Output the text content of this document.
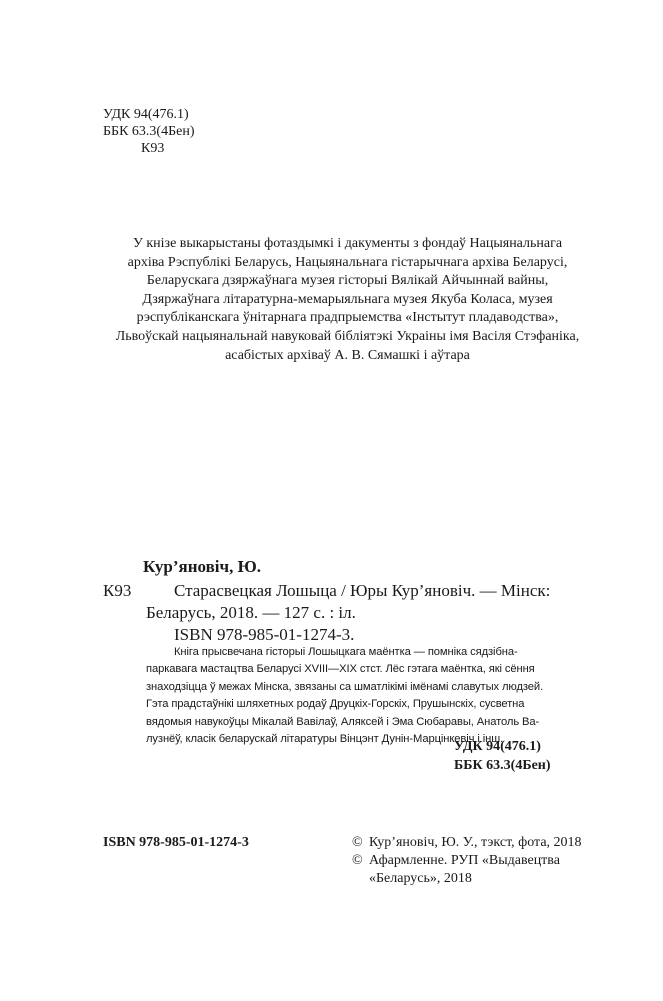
УДК 94(476.1)
ББК 63.3(4Бен)
К93
У кнізе выкарыстаны фотаздымкі і дакументы з фондаў Нацыянальнага
архіва Рэспублікі Беларусь, Нацыянальнага гістарычнага архіва Беларусі,
Беларускага дзяржаўнага музея гісторыі Вялікай Айчыннай вайны,
Дзяржаўнага літаратурна-мемарыяльнага музея Якуба Коласа, музея
рэспубліканскага ўнітарнага прадпрыемства «Інстытут пладаводства»,
Львоўскай нацыянальнай навуковай бібліятэкі Украіны імя Васіля Стэфаніка,
асабістых архіваў А. В. Сямашкі і аўтара
Кур’яновіч, Ю.
К93	Старасвецкая Лошыца / Юры Кур’яновіч. — Мінск:
Беларусь, 2018. — 127 с. : іл.
ISBN 978-985-01-1274-3.
Кніга прысвечана гісторыі Лошыцкага маёнтка — помніка сядзібна-
паркавага мастацтва Беларусі XVIII—XIX стст. Лёс гэтага маёнтка, які сёння
знаходзіцца ў межах Мінска, звязаны са шматлікімі імёнамі славутых людзей.
Гэта прадстаўнікі шляхетных родаў Друцкіх-Горскіх, Прушынскіх, сусветна
вядомыя навукоўцы Мікалай Вавілаў, Аляксей і Эма Сюбаравы, Анатоль Ва-
лузнёў, класік беларускай літаратуры Вінцэнт Дунін-Марцінкевіч і інш.
УДК 94(476.1)
ББК 63.3(4Бен)
ISBN 978-985-01-1274-3	© Кур’яновіч, Ю. У., тэкст, фота, 2018
© Афармленне. РУП «Выдавецтва
«Беларусь», 2018
